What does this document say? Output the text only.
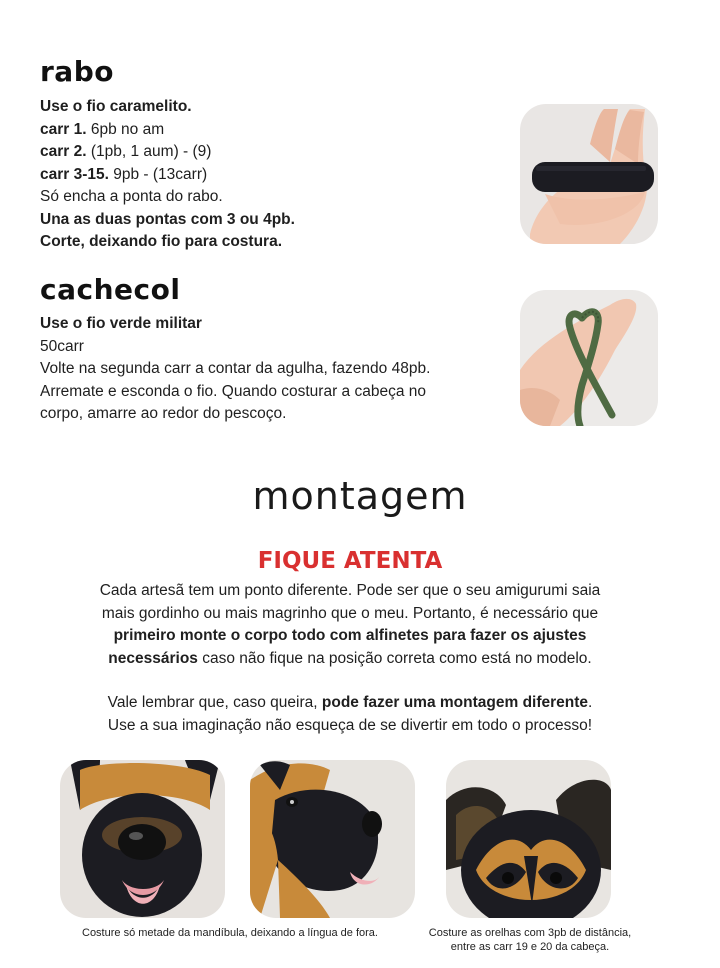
rabo
Use o fio caramelito.
carr 1. 6pb no am
carr 2. (1pb, 1 aum) - (9)
carr 3-15. 9pb - (13carr)
Só encha a ponta do rabo.
Una as duas pontas com 3 ou 4pb.
Corte, deixando fio para costura.
cachecol
Use o fio verde militar
50carr
Volte na segunda carr a contar da agulha, fazendo 48pb.
Arremate e esconda o fio. Quando costurar a cabeça no
corpo, amarre ao redor do pescoço.
montagem
FIQUE ATENTA
Cada artesã tem um ponto diferente. Pode ser que o seu amigurumi saia
mais gordinho ou mais magrinho que o meu. Portanto, é necessário que
primeiro monte o corpo todo com alfinetes para fazer os ajustes
necessários caso não fique na posição correta como está no modelo.
Vale lembrar que, caso queira, pode fazer uma montagem diferente.
Use a sua imaginação não esqueça de se divertir em todo o processo!
Costure só metade da mandíbula, deixando a língua de fora.	Costure as orelhas com 3pb de distância,
entre as carr 19 e 20 da cabeça.
